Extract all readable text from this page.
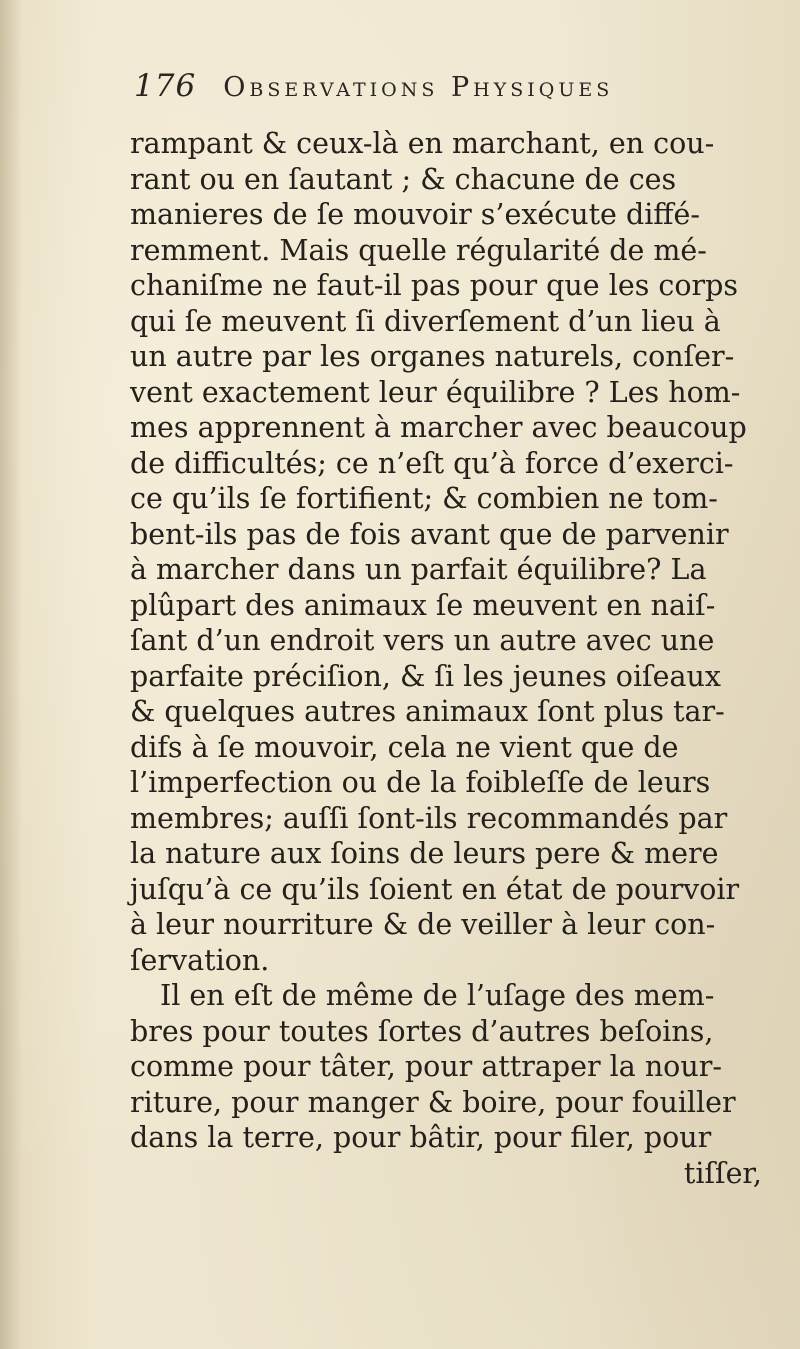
176 Observations Physiques
rampant & ceux-là en marchant, en cou-
rant ou en ſautant ; & chacune de ces
manieres de ſe mouvoir s’exécute diffé-
remment. Mais quelle régularité de mé-
chaniſme ne faut-il pas pour que les corps
qui ſe meuvent ſi diverſement d’un lieu à
un autre par les organes naturels, conſer-
vent exactement leur équilibre ? Les hom-
mes apprennent à marcher avec beaucoup
de difficultés; ce n’eſt qu’à force d’exerci-
ce qu’ils ſe fortifient; & combien ne tom-
bent-ils pas de fois avant que de parvenir
à marcher dans un parfait équilibre? La
plûpart des animaux ſe meuvent en naiſ-
ſant d’un endroit vers un autre avec une
parfaite préciſion, & ſi les jeunes oiſeaux
& quelques autres animaux ſont plus tar-
difs à ſe mouvoir, cela ne vient que de
l’imperfection ou de la foibleſſe de leurs
membres; auſſi ſont-ils recommandés par
la nature aux ſoins de leurs pere & mere
juſqu’à ce qu’ils ſoient en état de pourvoir
à leur nourriture & de veiller à leur con-
ſervation.
Il en eſt de même de l’uſage des mem-
bres pour toutes ſortes d’autres beſoins,
comme pour tâter, pour attraper la nour-
riture, pour manger & boire, pour fouiller
dans la terre, pour bâtir, pour filer, pour
tiſſer,
